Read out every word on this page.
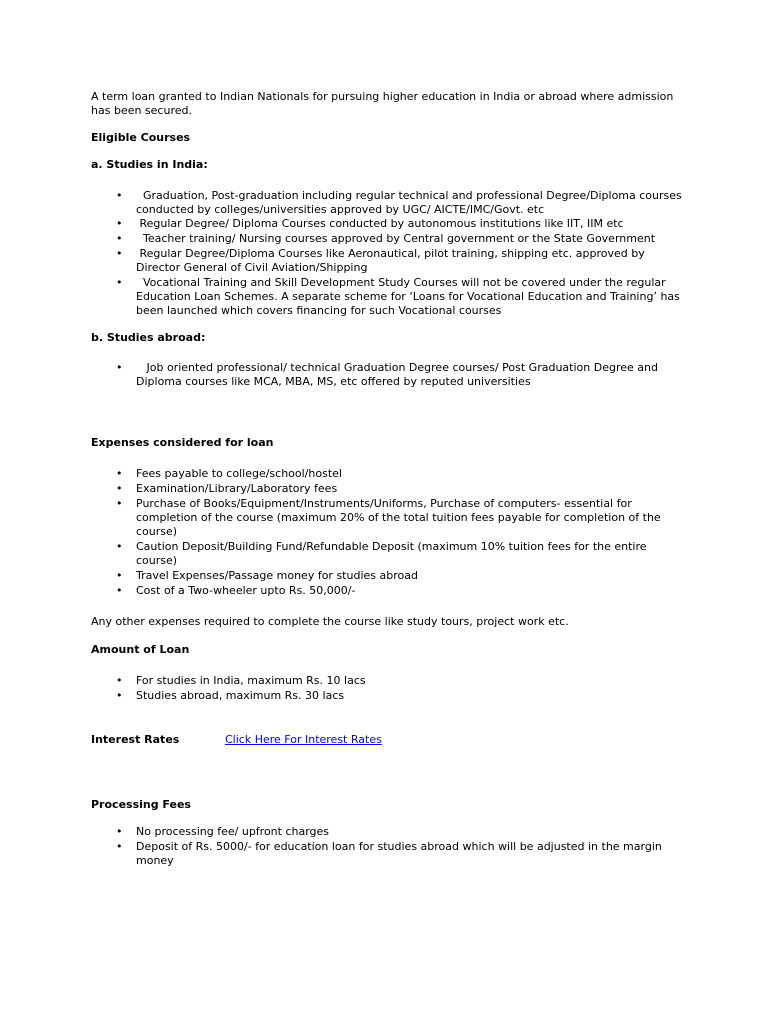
A term loan granted to Indian Nationals for pursuing higher education in India or abroad where admission has been secured.

Eligible Courses

a. Studies in India:

• Graduation, Post-graduation including regular technical and professional Degree/Diploma courses conducted by colleges/universities approved by UGC/ AICTE/IMC/Govt. etc
• Regular Degree/ Diploma Courses conducted by autonomous institutions like IIT, IIM etc
• Teacher training/ Nursing courses approved by Central government or the State Government
• Regular Degree/Diploma Courses like Aeronautical, pilot training, shipping etc. approved by Director General of Civil Aviation/Shipping
• Vocational Training and Skill Development Study Courses will not be covered under the regular Education Loan Schemes. A separate scheme for ‘Loans for Vocational Education and Training’ has been launched which covers financing for such Vocational courses

b. Studies abroad:

• Job oriented professional/ technical Graduation Degree courses/ Post Graduation Degree and Diploma courses like MCA, MBA, MS, etc offered by reputed universities

Expenses considered for loan

• Fees payable to college/school/hostel
• Examination/Library/Laboratory fees
• Purchase of Books/Equipment/Instruments/Uniforms, Purchase of computers- essential for completion of the course (maximum 20% of the total tuition fees payable for completion of the course)
• Caution Deposit/Building Fund/Refundable Deposit (maximum 10% tuition fees for the entire course)
• Travel Expenses/Passage money for studies abroad
• Cost of a Two-wheeler upto Rs. 50,000/-

Any other expenses required to complete the course like study tours, project work etc.

Amount of Loan

• For studies in India, maximum Rs. 10 lacs
• Studies abroad, maximum Rs. 30 lacs
Interest Rates	Click Here For Interest Rates

Processing Fees

• No processing fee/ upfront charges
• Deposit of Rs. 5000/- for education loan for studies abroad which will be adjusted in the margin money
